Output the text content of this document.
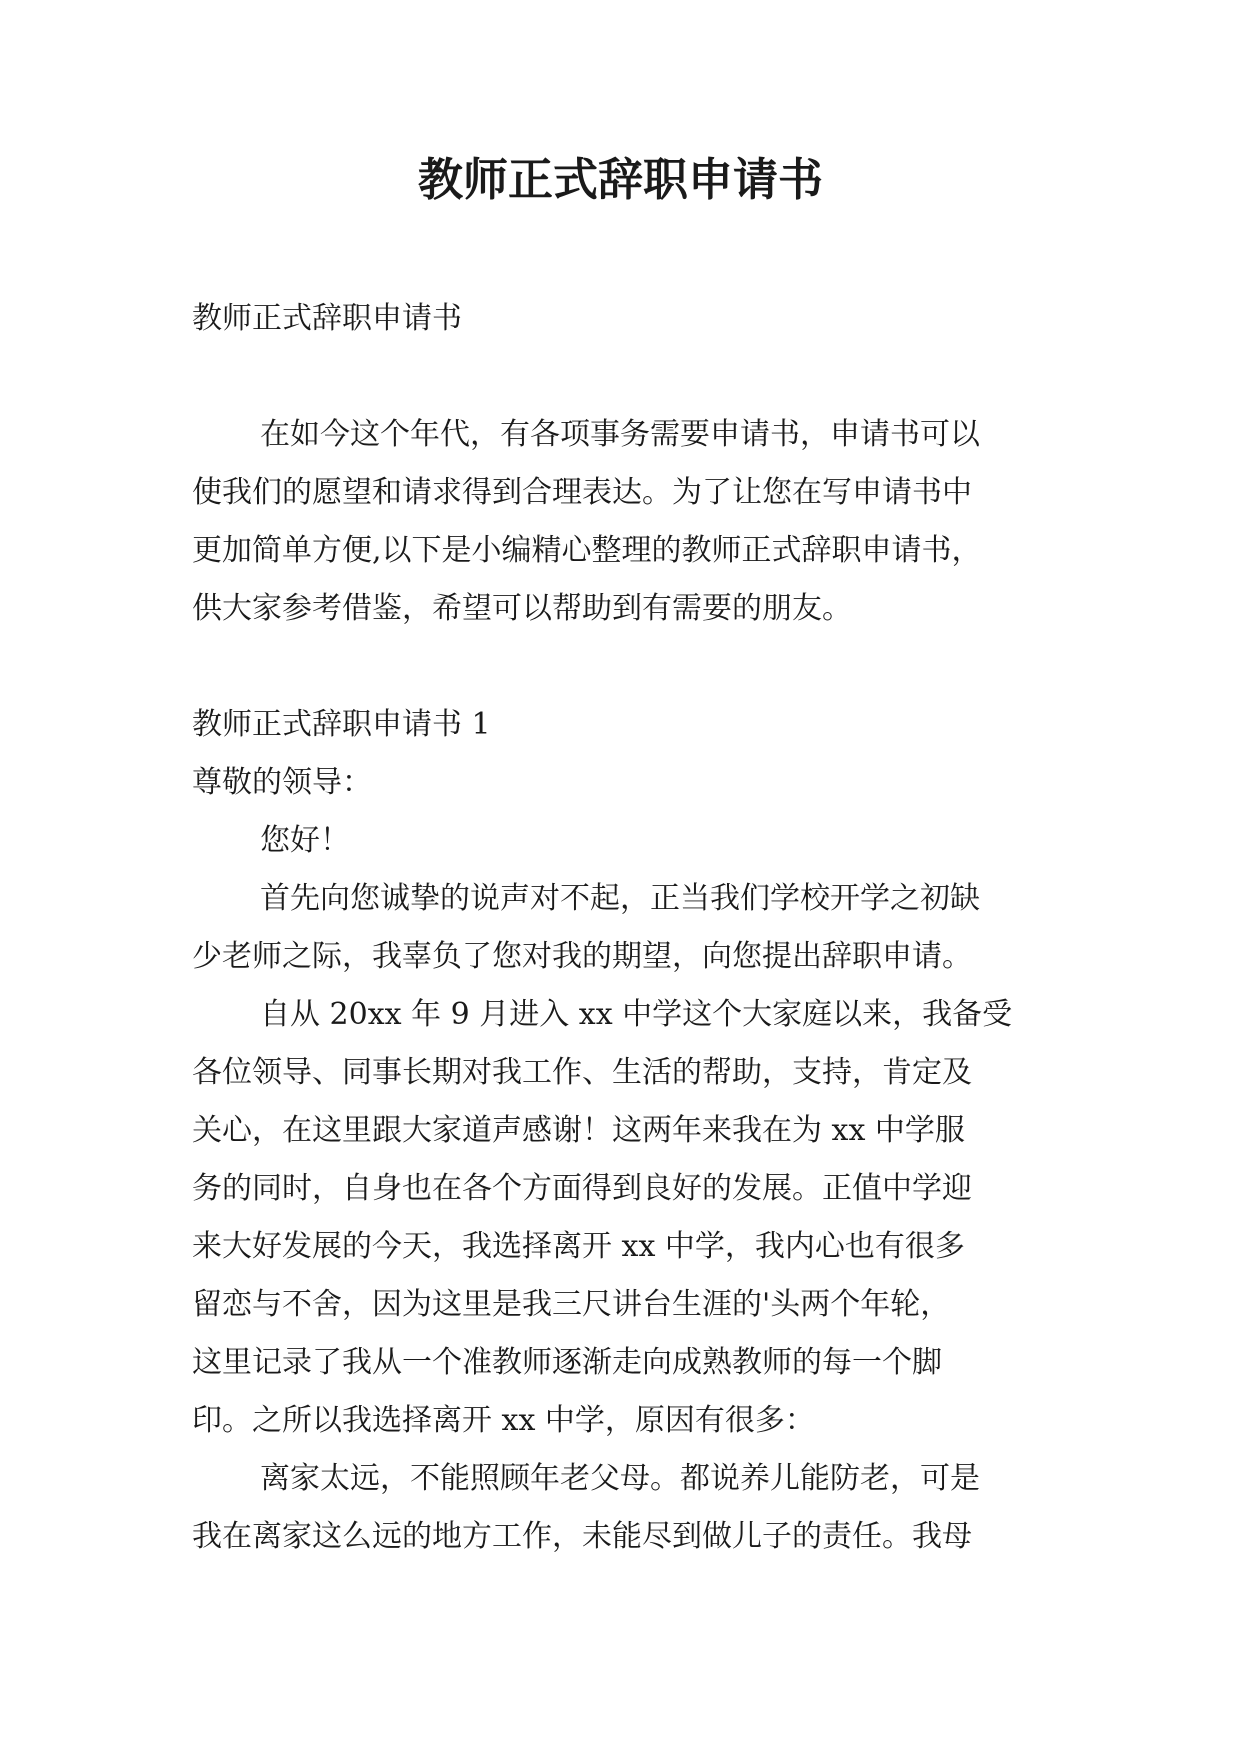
教师正式辞职申请书

教师正式辞职申请书

在如今这个年代，有各项事务需要申请书，申请书可以

使我们的愿望和请求得到合理表达。为了让您在写申请书中

更加简单方便,以下是小编精心整理的教师正式辞职申请书，

供大家参考借鉴，希望可以帮助到有需要的朋友。

教师正式辞职申请书 1

尊敬的领导：

您好！

首先向您诚挚的说声对不起，正当我们学校开学之初缺

少老师之际，我辜负了您对我的期望，向您提出辞职申请。

自从 20xx 年 9 月进入 xx 中学这个大家庭以来，我备受

各位领导、同事长期对我工作、生活的帮助，支持，肯定及

关心，在这里跟大家道声感谢！这两年来我在为 xx 中学服

务的同时，自身也在各个方面得到良好的发展。正值中学迎

来大好发展的今天，我选择离开 xx 中学，我内心也有很多

留恋与不舍，因为这里是我三尺讲台生涯的'头两个年轮，

这里记录了我从一个准教师逐渐走向成熟教师的每一个脚

印。之所以我选择离开 xx 中学，原因有很多：

离家太远，不能照顾年老父母。都说养儿能防老，可是

我在离家这么远的地方工作，未能尽到做儿子的责任。我母
